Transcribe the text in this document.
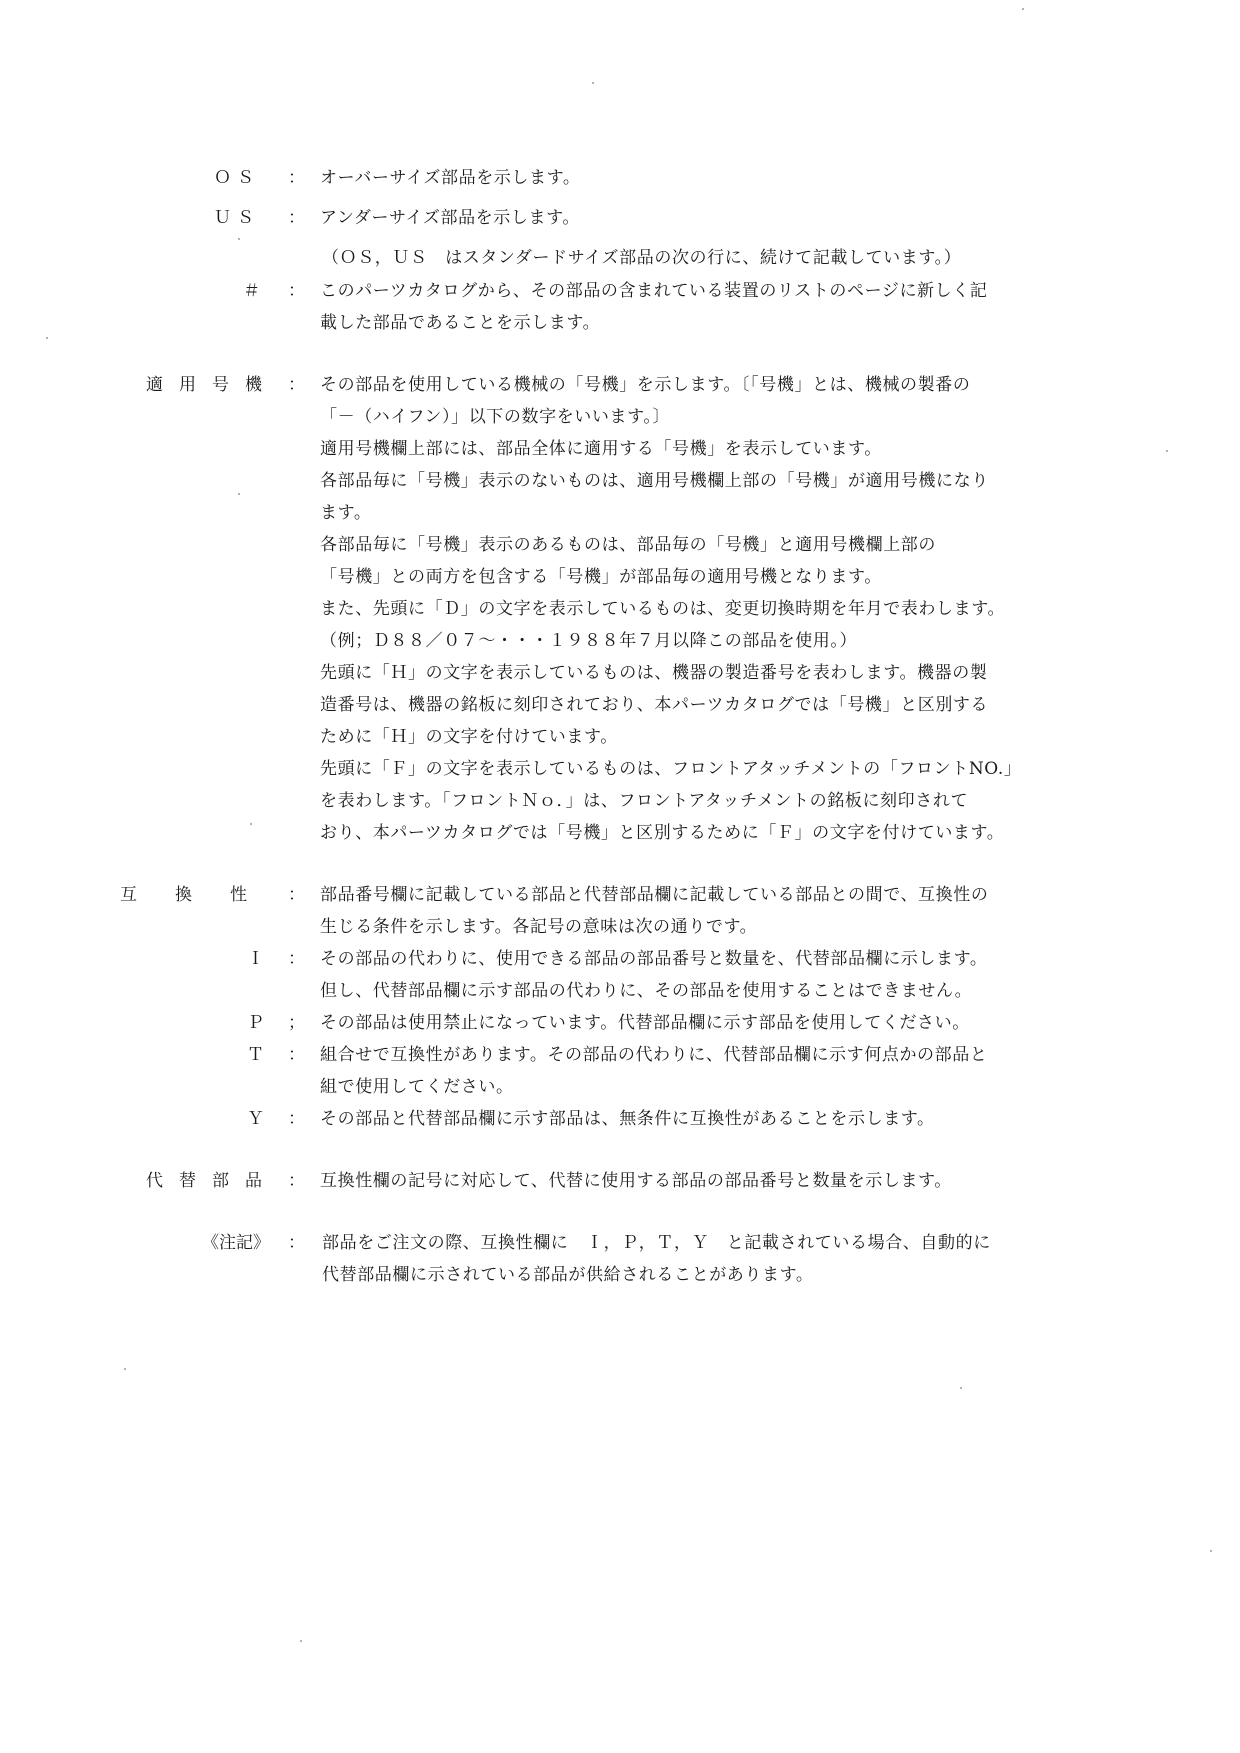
ＯＳ ： オーバーサイズ部品を示します。
ＵＳ ： アンダーサイズ部品を示します。
（ＯＳ，ＵＳ　はスタンダードサイズ部品の次の行に、続けて記載しています。）
＃ ： このパーツカタログから、その部品の含まれている装置のリストのページに新しく記
載した部品であることを示します。
適用号機 ： その部品を使用している機械の「号機」を示します。〔「号機」とは、機械の製番の
「－（ハイフン）」以下の数字をいいます。〕
適用号機欄上部には、部品全体に適用する「号機」を表示しています。
各部品毎に「号機」表示のないものは、適用号機欄上部の「号機」が適用号機になり
ます。
各部品毎に「号機」表示のあるものは、部品毎の「号機」と適用号機欄上部の
「号機」との両方を包含する「号機」が部品毎の適用号機となります。
また、先頭に「Ｄ」の文字を表示しているものは、変更切換時期を年月で表わします。
（例；Ｄ８８／０７～・・・１９８８年７月以降この部品を使用。）
先頭に「Ｈ」の文字を表示しているものは、機器の製造番号を表わします。機器の製
造番号は、機器の銘板に刻印されており、本パーツカタログでは「号機」と区別する
ために「Ｈ」の文字を付けています。
先頭に「Ｆ」の文字を表示しているものは、フロントアタッチメントの「フロントNO.」
を表わします。「フロントＮｏ．」は、フロントアタッチメントの銘板に刻印されて
おり、本パーツカタログでは「号機」と区別するために「Ｆ」の文字を付けています。
互換性 ： 部品番号欄に記載している部品と代替部品欄に記載している部品との間で、互換性の
生じる条件を示します。各記号の意味は次の通りです。
Ｉ ： その部品の代わりに、使用できる部品の部品番号と数量を、代替部品欄に示します。
但し、代替部品欄に示す部品の代わりに、その部品を使用することはできません。
Ｐ ； その部品は使用禁止になっています。代替部品欄に示す部品を使用してください。
Ｔ ： 組合せで互換性があります。その部品の代わりに、代替部品欄に示す何点かの部品と
組で使用してください。
Ｙ ： その部品と代替部品欄に示す部品は、無条件に互換性があることを示します。
代替部品 ： 互換性欄の記号に対応して、代替に使用する部品の部品番号と数量を示します。
《注記》 ： 部品をご注文の際、互換性欄に　Ｉ，Ｐ，Ｔ，Ｙ　と記載されている場合、自動的に
代替部品欄に示されている部品が供給されることがあります。
